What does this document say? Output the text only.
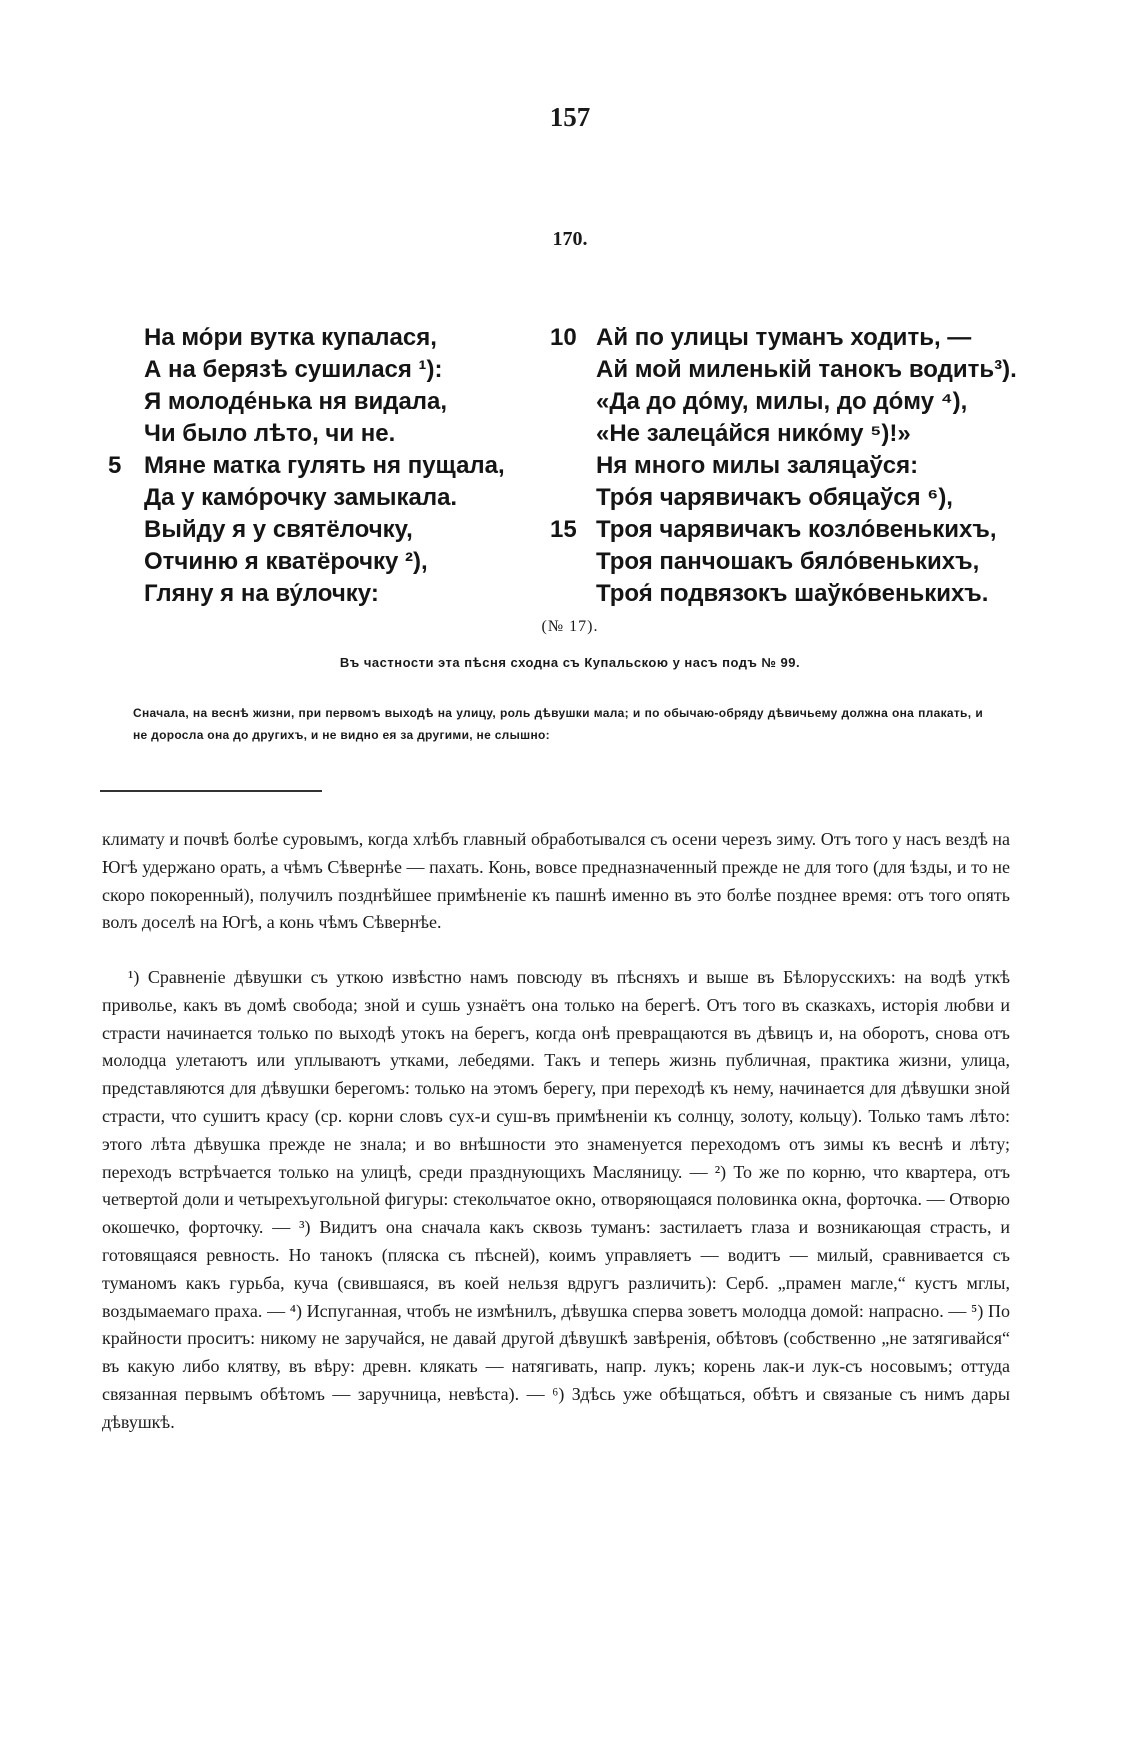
157
170.
На мо́ри вутка купалася,
А на берязѣ сушилася ¹):
Я молоде́нька ня видала,
Чи было лѣто, чи не.
5 Мяне матка гулять ня пущала,
Да у камо́рочку замыкала.
Выйду я у святёлочку,
Отчиню я кватёрочку ²),
Гляну я на ву́лочку:
10 Ай по улицы туманъ ходить, —
Ай мой миленькій танокъ водить³).
«Да до до́му, милы, до до́му ⁴),
«Не залеца́йся нико́му ⁵)!»
Ня много милы заляцаўся:
Тро́я чарявичакъ обяцаўся ⁶),
15 Троя чарявичакъ козло́венькихъ,
Троя панчошакъ бяло́венькихъ,
Троя́ подвязокъ шаўко́венькихъ.
(№ 17).
Въ частности эта пѣсня сходна съ Купальскою у насъ подъ № 99.
Сначала, на веснѣ жизни, при первомъ выходѣ на улицу, роль дѣвушки мала; и по обычаю-обряду дѣвичьему должна она плакать, и не доросла она до другихъ, и не видно ея за другими, не слышно:

климату и почвѣ болѣе суровымъ, когда хлѣбъ главный обработывался съ осени черезъ зиму. Отъ того у насъ вездѣ на Югѣ удержано орать, а чѣмъ Сѣвернѣе — пахать. Конь, вовсе предназначенный прежде не для того (для ѣзды, и то не скоро покоренный), получилъ позднѣйшее примѣненіе къ пашнѣ именно въ это болѣе позднее время: отъ того опять волъ доселѣ на Югѣ, а конь чѣмъ Сѣвернѣе.

¹) Сравненіе дѣвушки съ уткою извѣстно намъ повсюду въ пѣсняхъ и выше въ Бѣлорусскихъ: на водѣ уткѣ приволье, какъ въ домѣ свобода; зной и сушь узнаётъ она только на берегѣ. Отъ того въ сказкахъ, исторія любви и страсти начинается только по выходѣ утокъ на берегъ, когда онѣ превращаются въ дѣвицъ и, на оборотъ, снова отъ молодца улетаютъ или уплываютъ утками, лебедями. Такъ и теперь жизнь публичная, практика жизни, улица, представляются для дѣвушки берегомъ: только на этомъ берегу, при переходѣ къ нему, начинается для дѣвушки зной страсти, что сушитъ красу (ср. корни словъ сух-и суш-въ примѣненіи къ солнцу, золоту, кольцу). Только тамъ лѣто: этого лѣта дѣвушка прежде не знала; и во внѣшности это знаменуется переходомъ отъ зимы къ веснѣ и лѣту; переходъ встрѣчается только на улицѣ, среди празднующихъ Масляницу. — ²) То же по корню, что квартера, отъ четвертой доли и четырехъугольной фигуры: стекольчатое окно, отворяющаяся половинка окна, форточка. — Отворю окошечко, форточку. — ³) Видитъ она сначала какъ сквозь туманъ: застилаетъ глаза и возникающая страсть, и готовящаяся ревность. Но танокъ (пляска съ пѣсней), коимъ управляетъ — водитъ — милый, сравнивается съ туманомъ какъ гурьба, куча (свившаяся, въ коей нельзя вдругъ различить): Серб. „прамен магле,“ кустъ мглы, воздымаемаго праха. — ⁴) Испуганная, чтобъ не измѣнилъ, дѣвушка сперва зоветъ молодца домой: напрасно. — ⁵) По крайности проситъ: никому не заручайся, не давай другой дѣвушкѣ завѣренія, обѣтовъ (собственно „не затягивайся“ въ какую либо клятву, въ вѣру: древн. клякать — натягивать, напр. лукъ; корень лак-и лук-съ носовымъ; оттуда связанная первымъ обѣтомъ — заручница, невѣста). — ⁶) Здѣсь уже обѣщаться, обѣтъ и связаные съ нимъ дары дѣвушкѣ.
